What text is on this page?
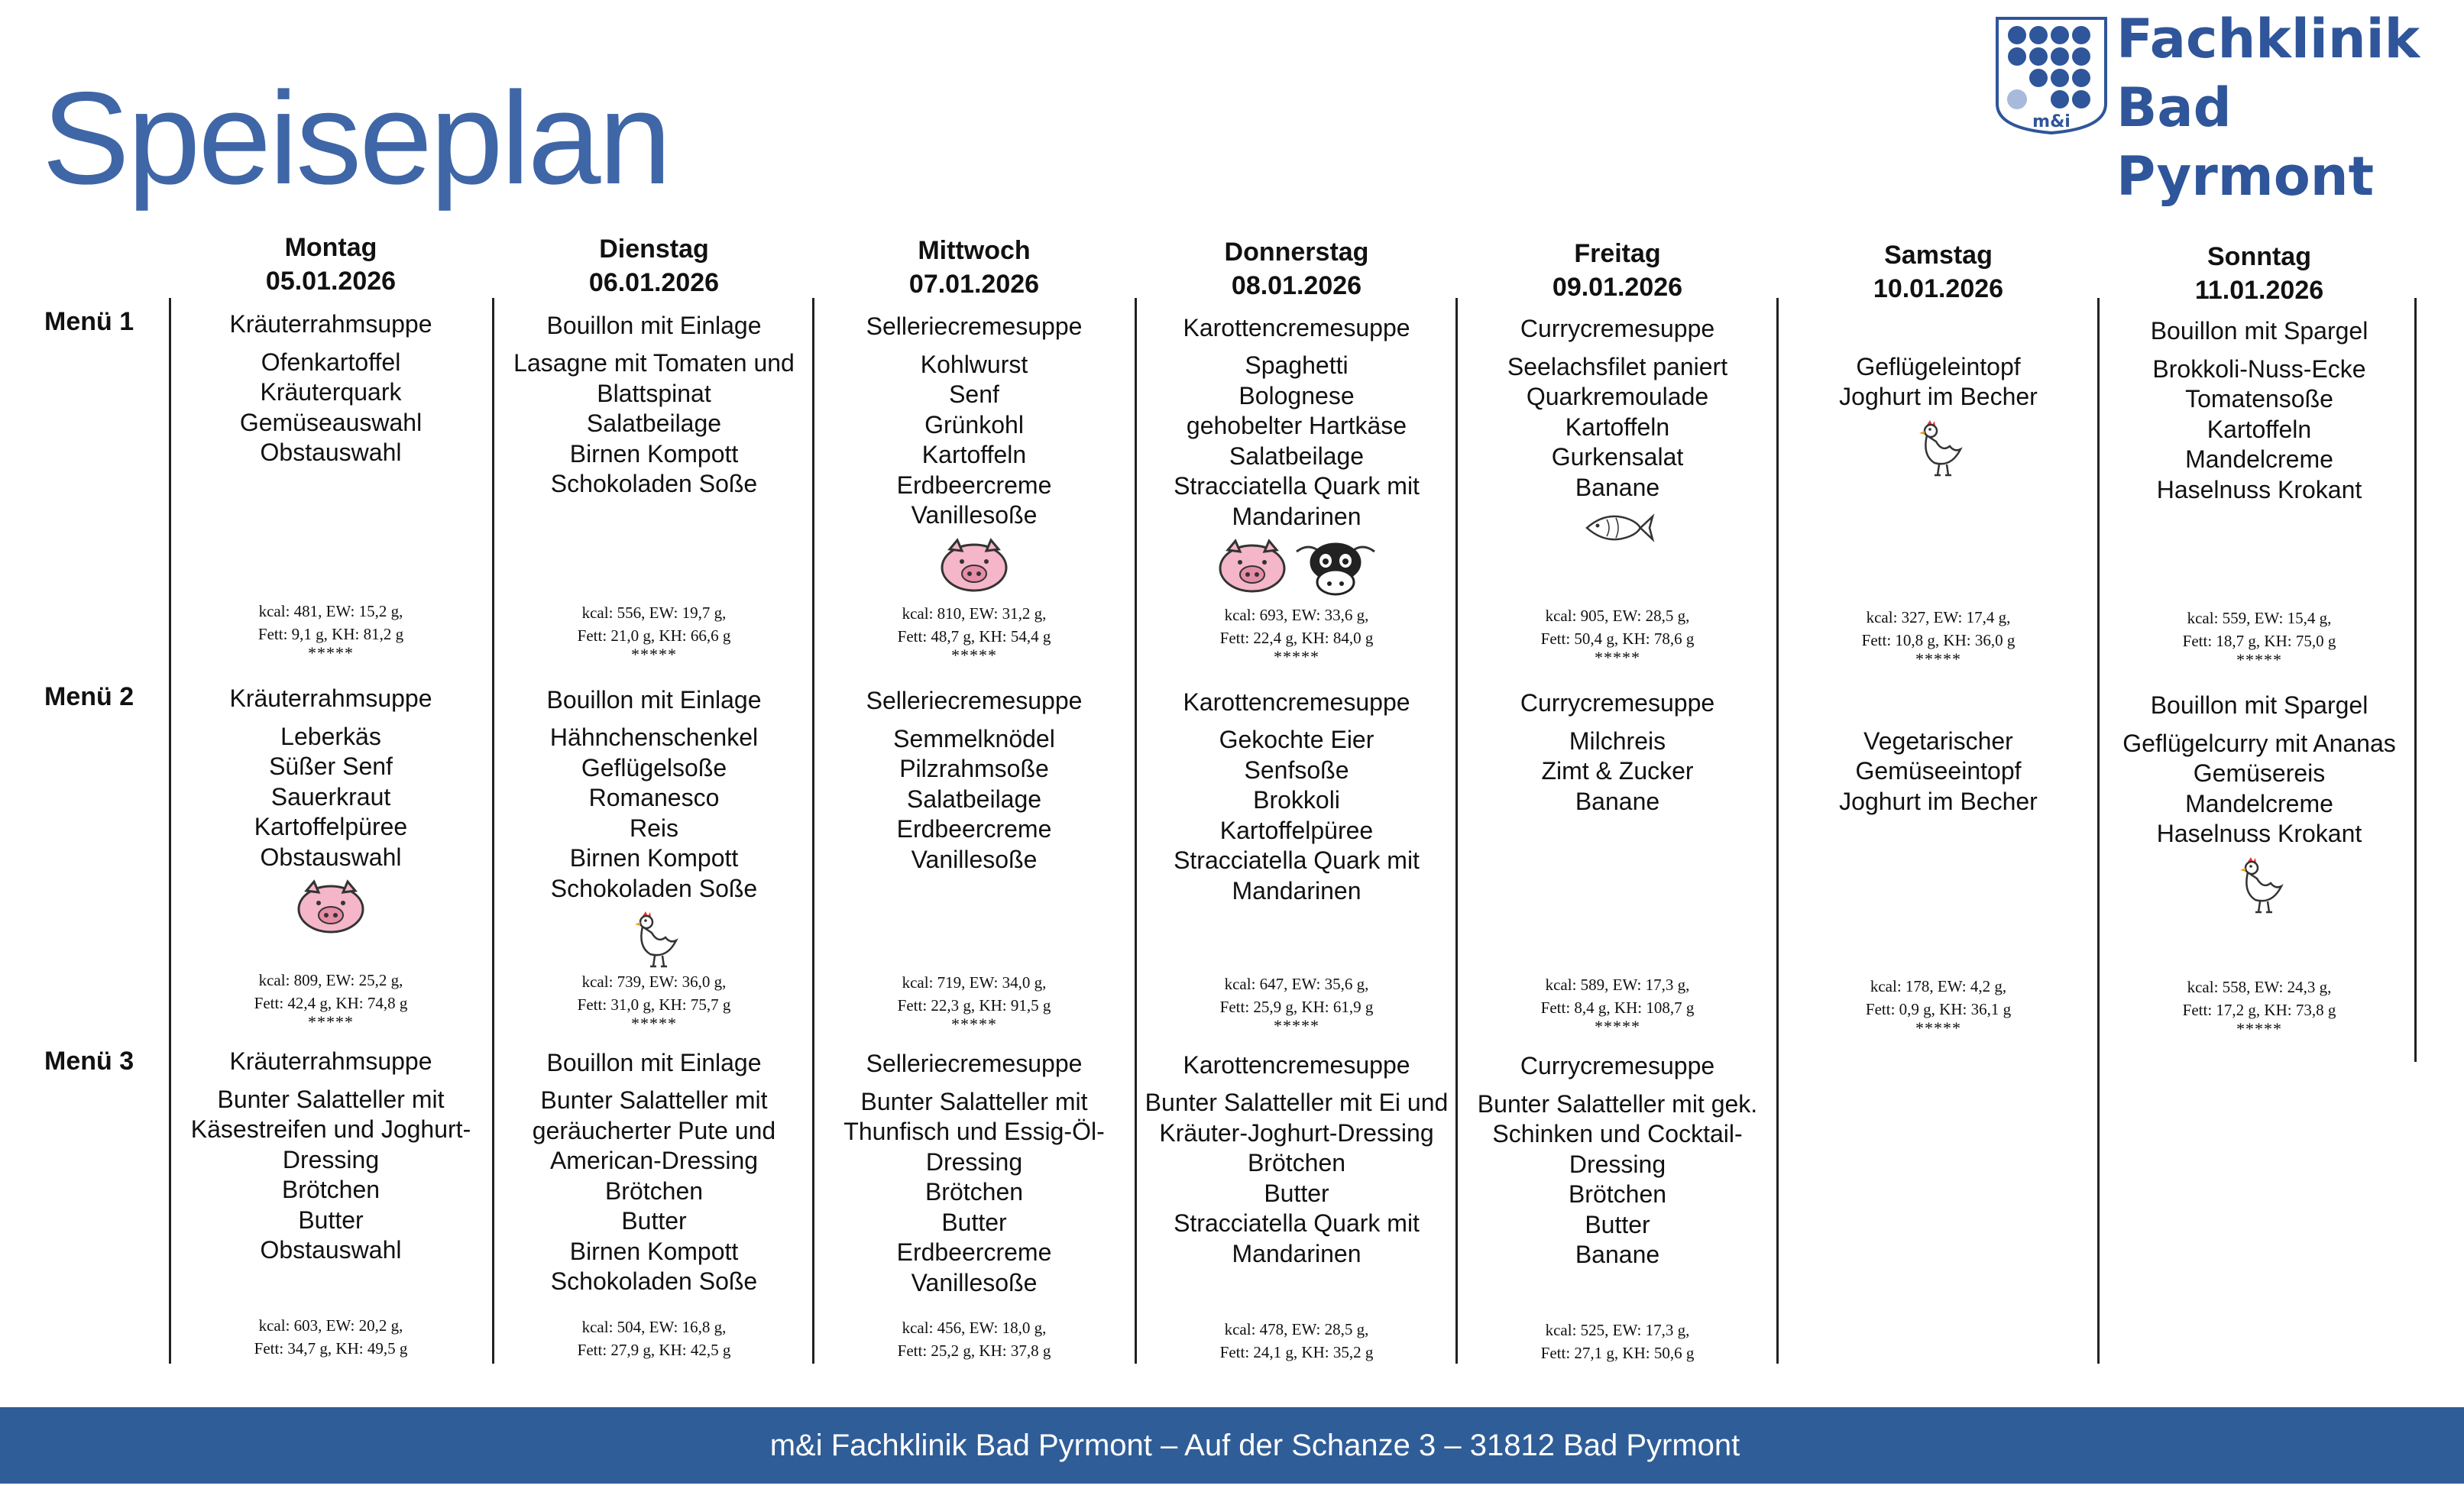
Speiseplan	m&i
Fachklinik
Bad Pyrmont
Menü 1
Menü 2
Menü 3
Montag
05.01.2026
Kräuterrahmsuppe
Ofenkartoffel
Kräuterquark
Gemüseauswahl
Obstauswahl
kcal: 481, EW: 15,2 g,
Fett: 9,1 g, KH: 81,2 g
*****
Kräuterrahmsuppe
Leberkäs
Süßer Senf
Sauerkraut
Kartoffelpüree
Obstauswahl
kcal: 809, EW: 25,2 g,
Fett: 42,4 g, KH: 74,8 g
*****
Kräuterrahmsuppe
Bunter Salatteller mit
Käsestreifen und Joghurt-
Dressing
Brötchen
Butter
Obstauswahl
kcal: 603, EW: 20,2 g,
Fett: 34,7 g, KH: 49,5 g
Dienstag
06.01.2026
Bouillon mit Einlage
Lasagne mit Tomaten und
Blattspinat
Salatbeilage
Birnen Kompott
Schokoladen Soße
kcal: 556, EW: 19,7 g,
Fett: 21,0 g, KH: 66,6 g
*****
Bouillon mit Einlage
Hähnchenschenkel
Geflügelsoße
Romanesco
Reis
Birnen Kompott
Schokoladen Soße
kcal: 739, EW: 36,0 g,
Fett: 31,0 g, KH: 75,7 g
*****
Bouillon mit Einlage
Bunter Salatteller mit
geräucherter Pute und
American-Dressing
Brötchen
Butter
Birnen Kompott
Schokoladen Soße
kcal: 504, EW: 16,8 g,
Fett: 27,9 g, KH: 42,5 g
Mittwoch
07.01.2026
Selleriecremesuppe
Kohlwurst
Senf
Grünkohl
Kartoffeln
Erdbeercreme
Vanillesoße
kcal: 810, EW: 31,2 g,
Fett: 48,7 g, KH: 54,4 g
*****
Selleriecremesuppe
Semmelknödel
Pilzrahmsoße
Salatbeilage
Erdbeercreme
Vanillesoße
kcal: 719, EW: 34,0 g,
Fett: 22,3 g, KH: 91,5 g
*****
Selleriecremesuppe
Bunter Salatteller mit
Thunfisch und Essig-Öl-
Dressing
Brötchen
Butter
Erdbeercreme
Vanillesoße
kcal: 456, EW: 18,0 g,
Fett: 25,2 g, KH: 37,8 g
Donnerstag
08.01.2026
Karottencremesuppe
Spaghetti
Bolognese
gehobelter Hartkäse
Salatbeilage
Stracciatella Quark mit
Mandarinen
kcal: 693, EW: 33,6 g,
Fett: 22,4 g, KH: 84,0 g
*****
Karottencremesuppe
Gekochte Eier
Senfsoße
Brokkoli
Kartoffelpüree
Stracciatella Quark mit
Mandarinen
kcal: 647, EW: 35,6 g,
Fett: 25,9 g, KH: 61,9 g
*****
Karottencremesuppe
Bunter Salatteller mit Ei und
Kräuter-Joghurt-Dressing
Brötchen
Butter
Stracciatella Quark mit
Mandarinen
kcal: 478, EW: 28,5 g,
Fett: 24,1 g, KH: 35,2 g
Freitag
09.01.2026
Currycremesuppe
Seelachsfilet paniert
Quarkremoulade
Kartoffeln
Gurkensalat
Banane
kcal: 905, EW: 28,5 g,
Fett: 50,4 g, KH: 78,6 g
*****
Currycremesuppe
Milchreis
Zimt & Zucker
Banane
kcal: 589, EW: 17,3 g,
Fett: 8,4 g, KH: 108,7 g
*****
Currycremesuppe
Bunter Salatteller mit gek.
Schinken und Cocktail-
Dressing
Brötchen
Butter
Banane
kcal: 525, EW: 17,3 g,
Fett: 27,1 g, KH: 50,6 g
Samstag
10.01.2026
Geflügeleintopf
Joghurt im Becher
kcal: 327, EW: 17,4 g,
Fett: 10,8 g, KH: 36,0 g
*****
Vegetarischer
Gemüseeintopf
Joghurt im Becher
kcal: 178, EW: 4,2 g,
Fett: 0,9 g, KH: 36,1 g
*****
Sonntag
11.01.2026
Bouillon mit Spargel
Brokkoli-Nuss-Ecke
Tomatensoße
Kartoffeln
Mandelcreme
Haselnuss Krokant
kcal: 559, EW: 15,4 g,
Fett: 18,7 g, KH: 75,0 g
*****
Bouillon mit Spargel
Geflügelcurry mit Ananas
Gemüsereis
Mandelcreme
Haselnuss Krokant
kcal: 558, EW: 24,3 g,
Fett: 17,2 g, KH: 73,8 g
*****
m&i Fachklinik Bad Pyrmont – Auf der Schanze 3 – 31812 Bad Pyrmont
